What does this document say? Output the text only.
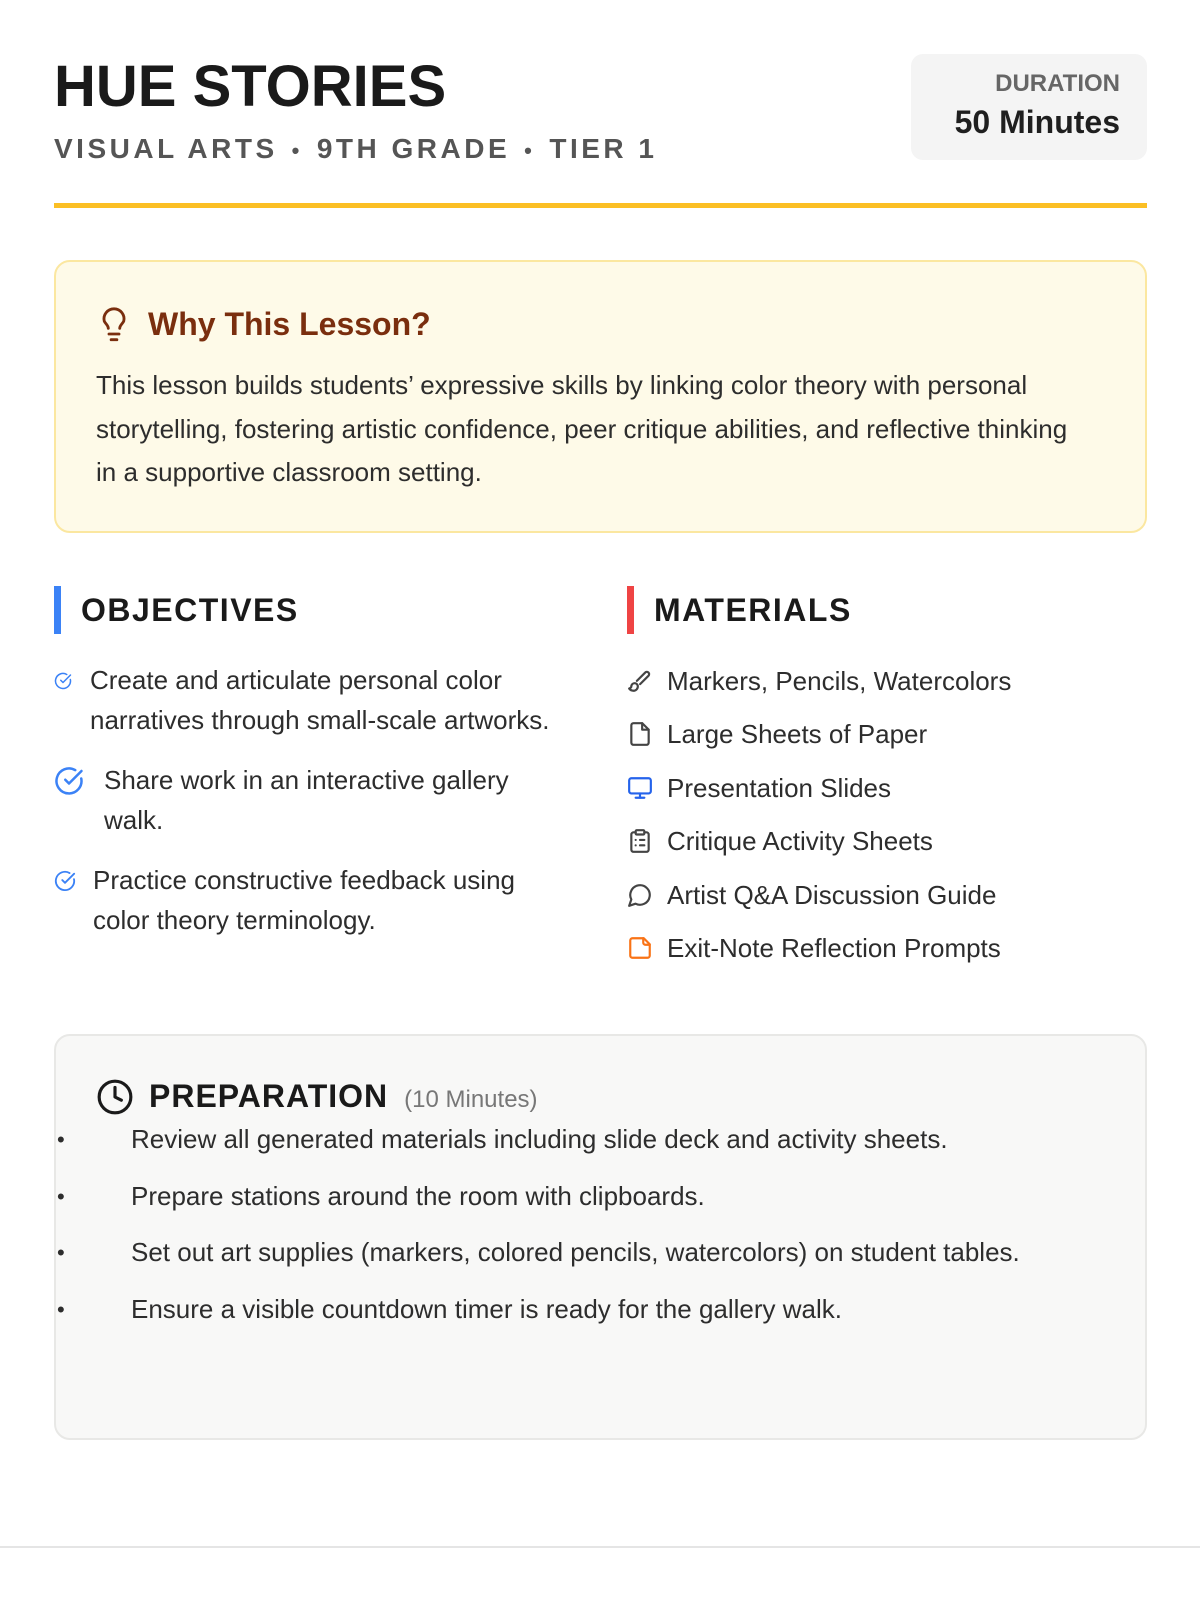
HUE STORIES
VISUAL ARTS • 9TH GRADE • TIER 1
DURATION
50 Minutes
Why This Lesson?

This lesson builds students’ expressive skills by linking color theory with personal storytelling, fostering artistic confidence, peer critique abilities, and reflective thinking in a supportive classroom setting.

OBJECTIVES
Create and articulate personal color narratives through small-scale artworks.
Share work in an interactive gallery walk.
Practice constructive feedback using color theory terminology.
MATERIALS
Markers, Pencils, Watercolors
Large Sheets of Paper
Presentation Slides
Critique Activity Sheets
Artist Q&A Discussion Guide
Exit-Note Reflection Prompts
PREPARATION (10 Minutes)
• Review all generated materials including slide deck and activity sheets.
• Prepare stations around the room with clipboards.
• Set out art supplies (markers, colored pencils, watercolors) on student tables.
• Ensure a visible countdown timer is ready for the gallery walk.
